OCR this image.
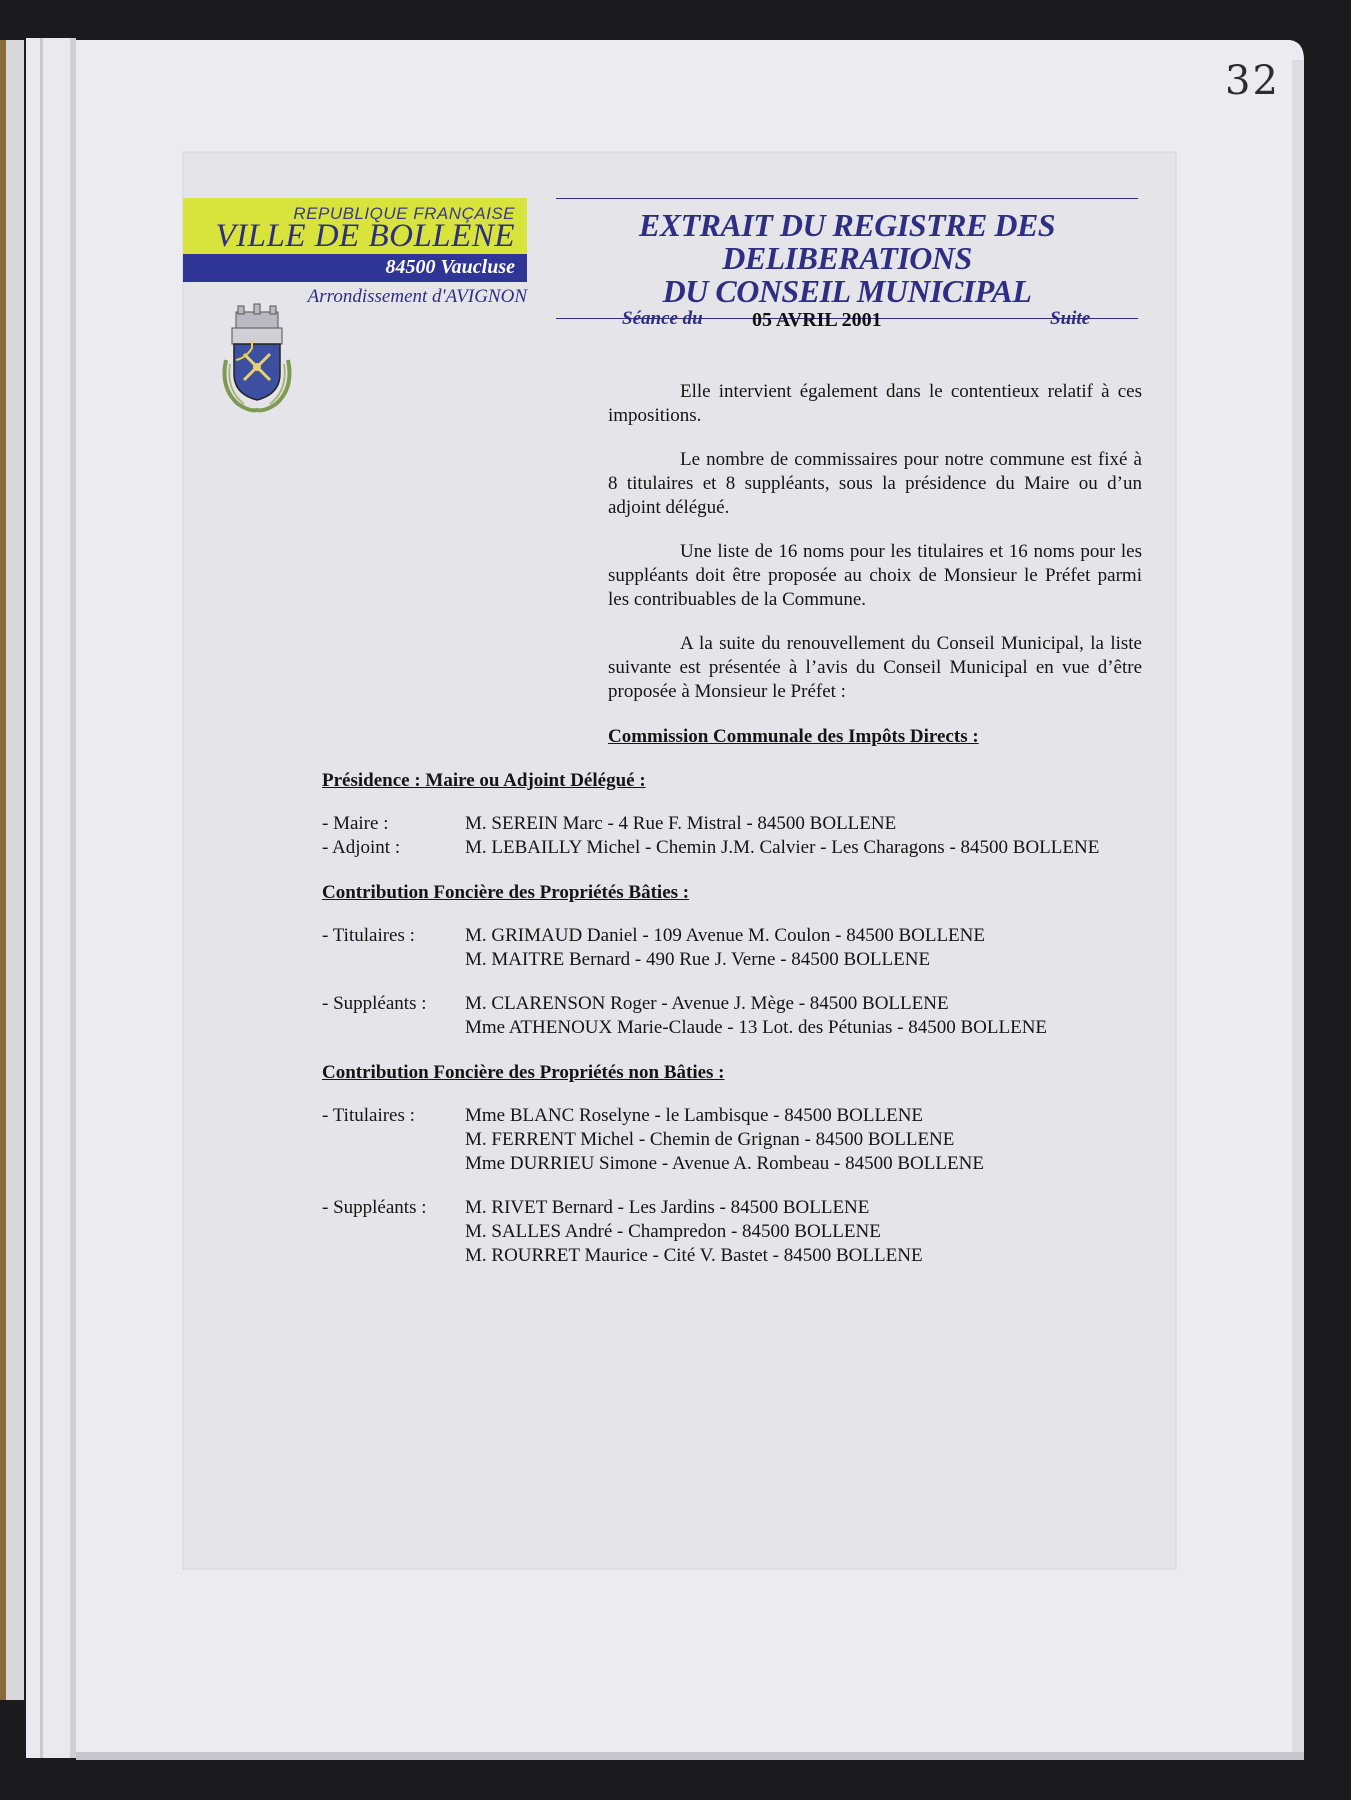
32
REPUBLIQUE FRANÇAISE
VILLE DE BOLLENE
84500 Vaucluse
Arrondissement d'AVIGNON
EXTRAIT DU REGISTRE DES DELIBERATIONS
DU CONSEIL MUNICIPAL
Séance du 05 AVRIL 2001	Suite

Elle intervient également dans le contentieux relatif à ces impositions.

Le nombre de commissaires pour notre commune est fixé à 8 titulaires et 8 suppléants, sous la présidence du Maire ou d’un adjoint délégué.

Une liste de 16 noms pour les titulaires et 16 noms pour les suppléants doit être proposée au choix de Monsieur le Préfet parmi les contribuables de la Commune.

A la suite du renouvellement du Conseil Municipal, la liste suivante est présentée à l’avis du Conseil Municipal en vue d’être proposée à Monsieur le Préfet :

Commission Communale des Impôts Directs :
Présidence : Maire ou Adjoint Délégué :
- Maire :	M. SEREIN Marc - 4 Rue F. Mistral - 84500 BOLLENE
- Adjoint :	M. LEBAILLY Michel - Chemin J.M. Calvier - Les Charagons - 84500 BOLLENE
Contribution Foncière des Propriétés Bâties :
- Titulaires :	M. GRIMAUD Daniel - 109 Avenue M. Coulon - 84500 BOLLENE
M. MAITRE Bernard - 490 Rue J. Verne - 84500 BOLLENE
- Suppléants : M. CLARENSON Roger - Avenue J. Mège - 84500 BOLLENE
Mme ATHENOUX Marie-Claude - 13 Lot. des Pétunias - 84500 BOLLENE
Contribution Foncière des Propriétés non Bâties :
- Titulaires :	Mme BLANC Roselyne - le Lambisque - 84500 BOLLENE
M. FERRENT Michel - Chemin de Grignan - 84500 BOLLENE
Mme DURRIEU Simone - Avenue A. Rombeau - 84500 BOLLENE
- Suppléants : M. RIVET Bernard - Les Jardins - 84500 BOLLENE
M. SALLES André - Champredon - 84500 BOLLENE
M. ROURRET Maurice - Cité V. Bastet - 84500 BOLLENE
